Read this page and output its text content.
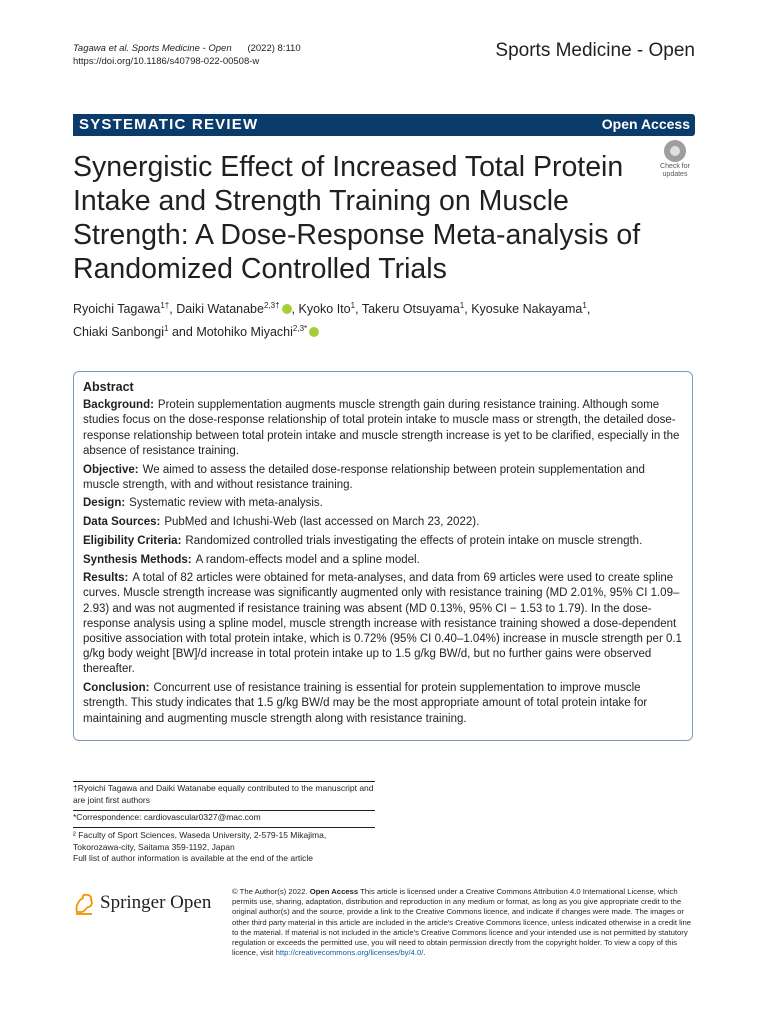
Tagawa et al. Sports Medicine - Open (2022) 8:110
https://doi.org/10.1186/s40798-022-00508-w
Sports Medicine - Open
SYSTEMATIC REVIEW	Open Access
Synergistic Effect of Increased Total Protein Intake and Strength Training on Muscle Strength: A Dose-Response Meta-analysis of Randomized Controlled Trials
Check for updates
Ryoichi Tagawa$^{1\dagger}$, Daiki Watanabe$^{2,3\dagger}$ , Kyoko Ito$^1$, Takeru Otsuyama$^1$, Kyosuke Nakayama$^1$,
Chiaki Sanbongi$^1$ and Motohiko Miyachi$^{2,3*}$
Abstract

Background: Protein supplementation augments muscle strength gain during resistance training. Although some studies focus on the dose-response relationship of total protein intake to muscle mass or strength, the detailed dose-response relationship between total protein intake and muscle strength increase is yet to be clarified, especially in the absence of resistance training.

Objective: We aimed to assess the detailed dose-response relationship between protein supplementation and muscle strength, with and without resistance training.

Design: Systematic review with meta-analysis.

Data Sources: PubMed and Ichushi-Web (last accessed on March 23, 2022).

Eligibility Criteria: Randomized controlled trials investigating the effects of protein intake on muscle strength.

Synthesis Methods: A random-effects model and a spline model.

Results: A total of 82 articles were obtained for meta-analyses, and data from 69 articles were used to create spline curves. Muscle strength increase was significantly augmented only with resistance training (MD 2.01%, 95% CI 1.09–2.93) and was not augmented if resistance training was absent (MD 0.13%, 95% CI − 1.53 to 1.79). In the dose-response analysis using a spline model, muscle strength increase with resistance training showed a dose-dependent positive association with total protein intake, which is 0.72% (95% CI 0.40–1.04%) increase in muscle strength per 0.1 g/kg body weight [BW]/d increase in total protein intake up to 1.5 g/kg BW/d, but no further gains were observed thereafter.

Conclusion: Concurrent use of resistance training is essential for protein supplementation to improve muscle strength. This study indicates that 1.5 g/kg BW/d may be the most appropriate amount of total protein intake for maintaining and augmenting muscle strength along with resistance training.

†Ryoichi Tagawa and Daiki Watanabe equally contributed to the manuscript and are joint first authors
*Correspondence: cardiovascular0327@mac.com
² Faculty of Sport Sciences, Waseda University, 2-579-15 Mikajima,
Tokorozawa-city, Saitama 359-1192, Japan
Full list of author information is available at the end of the article
Springer Open
© The Author(s) 2022. Open Access This article is licensed under a Creative Commons Attribution 4.0 International License, which permits use, sharing, adaptation, distribution and reproduction in any medium or format, as long as you give appropriate credit to the original author(s) and the source, provide a link to the Creative Commons licence, and indicate if changes were made. The images or other third party material in this article are included in the article's Creative Commons licence, unless indicated otherwise in a credit line to the material. If material is not included in the article's Creative Commons licence and your intended use is not permitted by statutory regulation or exceeds the permitted use, you will need to obtain permission directly from the copyright holder. To view a copy of this licence, visit http://creativecommons.org/licenses/by/4.0/.
